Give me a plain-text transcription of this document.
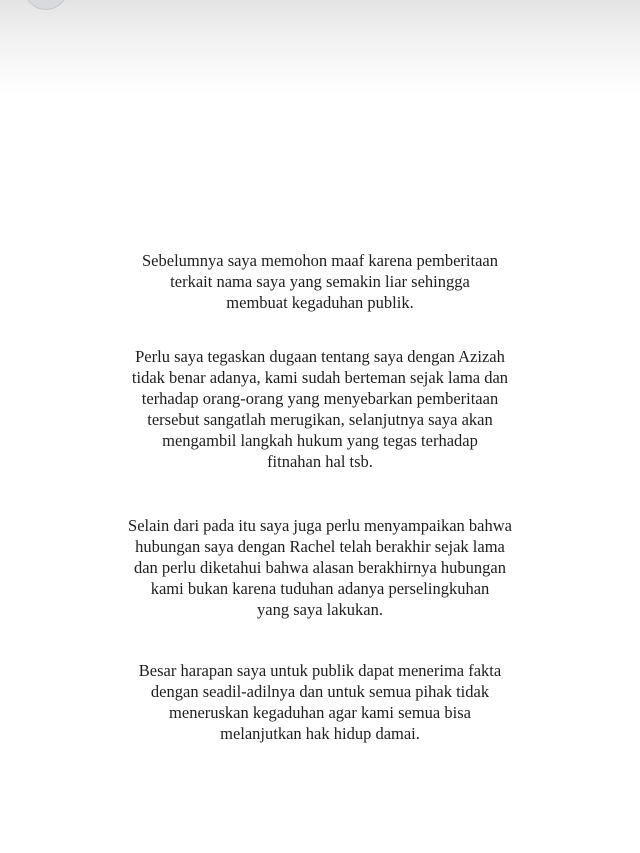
Sebelumnya saya memohon maaf karena pemberitaan
terkait nama saya yang semakin liar sehingga
membuat kegaduhan publik.
Perlu saya tegaskan dugaan tentang saya dengan Azizah
tidak benar adanya, kami sudah berteman sejak lama dan
terhadap orang-orang yang menyebarkan pemberitaan
tersebut sangatlah merugikan, selanjutnya saya akan
mengambil langkah hukum yang tegas terhadap
fitnahan hal tsb.
Selain dari pada itu saya juga perlu menyampaikan bahwa
hubungan saya dengan Rachel telah berakhir sejak lama
dan perlu diketahui bahwa alasan berakhirnya hubungan
kami bukan karena tuduhan adanya perselingkuhan
yang saya lakukan.
Besar harapan saya untuk publik dapat menerima fakta
dengan seadil-adilnya dan untuk semua pihak tidak
meneruskan kegaduhan agar kami semua bisa
melanjutkan hak hidup damai.
